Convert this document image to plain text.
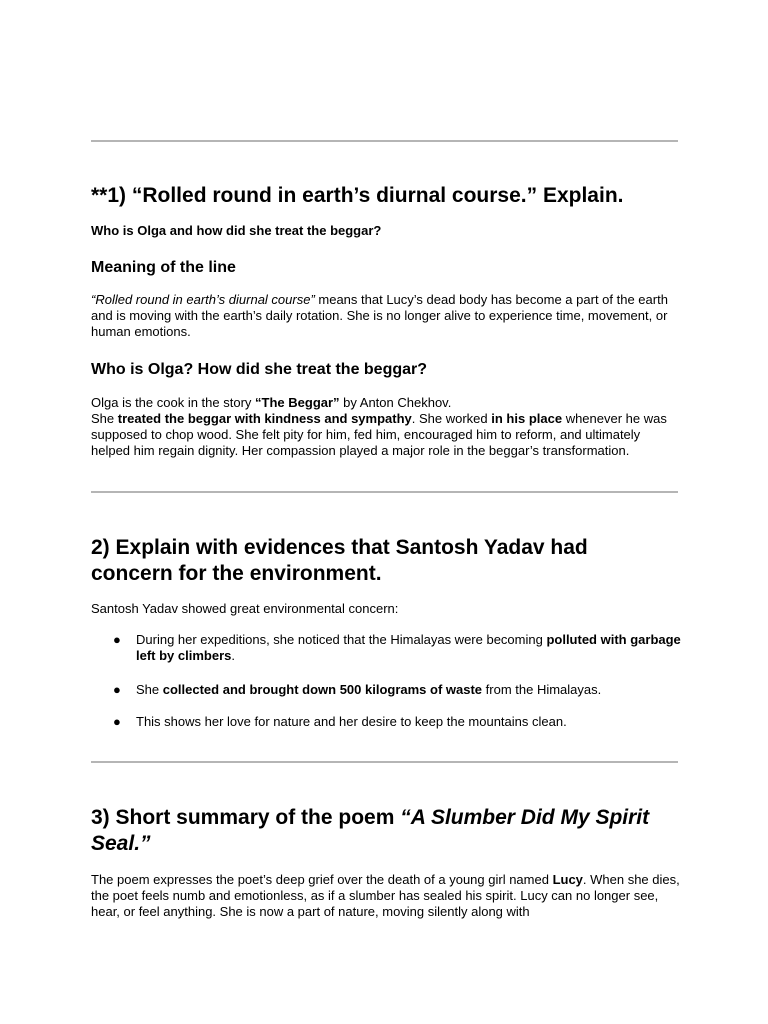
**1) “Rolled round in earth’s diurnal course.” Explain.

Who is Olga and how did she treat the beggar?

Meaning of the line

“Rolled round in earth’s diurnal course” means that Lucy’s dead body has become a part of the earth and is moving with the earth’s daily rotation. She is no longer alive to experience time, movement, or human emotions.

Who is Olga? How did she treat the beggar?

Olga is the cook in the story “The Beggar” by Anton Chekhov.
She treated the beggar with kindness and sympathy. She worked in his place whenever he was supposed to chop wood. She felt pity for him, fed him, encouraged him to reform, and ultimately helped him regain dignity. Her compassion played a major role in the beggar’s transformation.

2) Explain with evidences that Santosh Yadav had concern for the environment.

Santosh Yadav showed great environmental concern:

● During her expeditions, she noticed that the Himalayas were becoming polluted with garbage left by climbers.
● She collected and brought down 500 kilograms of waste from the Himalayas.
● This shows her love for nature and her desire to keep the mountains clean.
3) Short summary of the poem “A Slumber Did My Spirit Seal.”

The poem expresses the poet’s deep grief over the death of a young girl named Lucy. When she dies, the poet feels numb and emotionless, as if a slumber has sealed his spirit. Lucy can no longer see, hear, or feel anything. She is now a part of nature, moving silently along with
